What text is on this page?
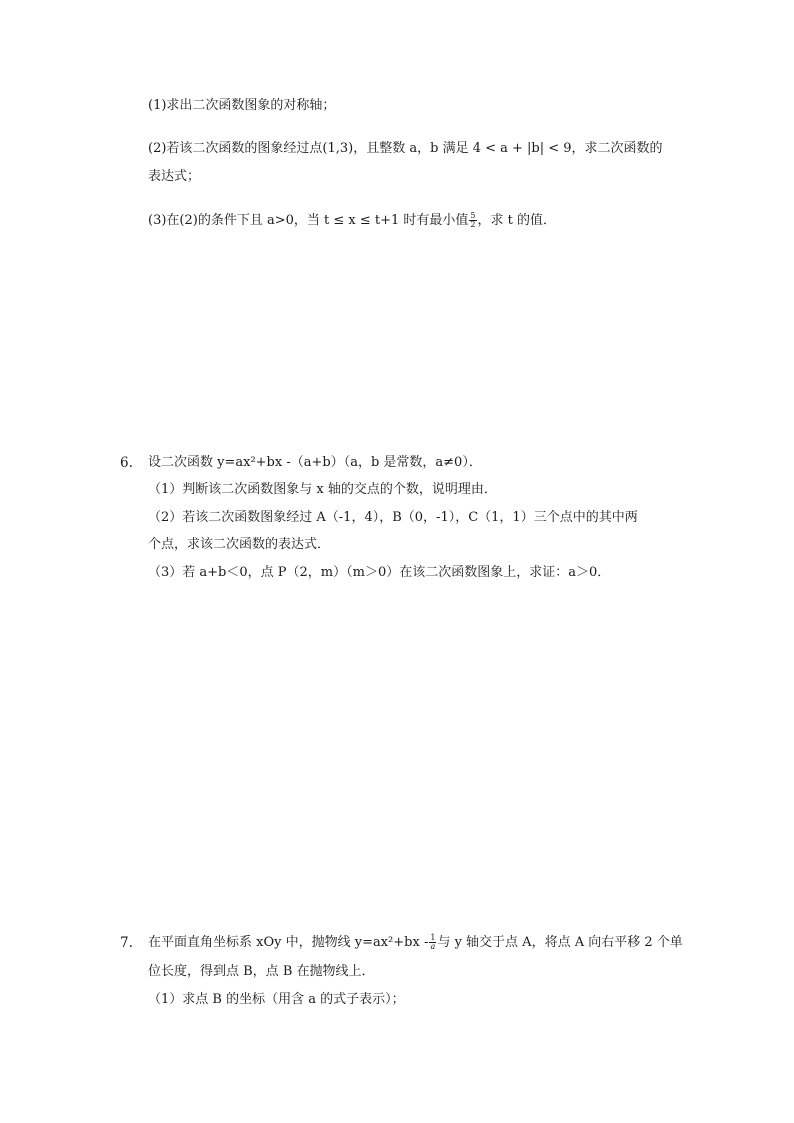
(1)求出二次函数图象的对称轴；
(2)若该二次函数的图象经过点(1,3)，且整数 a，b 满足 4 < a + |b| < 9，求二次函数的
表达式；
(3)在(2)的条件下且 a>0，当 t ≤ x ≤ t+1 时有最小值 $\frac{5}{2}$ ，求 t 的值．
6. 设二次函数 y=ax²+bx -（a+b）（a，b 是常数，a≠0）．
（1）判断该二次函数图象与 x 轴的交点的个数，说明理由．
（2）若该二次函数图象经过 A（-1，4），B（0，-1），C（1，1）三个点中的其中两
个点，求该二次函数的表达式．
（3）若 a+b＜0，点 P（2，m）（m＞0）在该二次函数图象上，求证：a＞0．
7. 在平面直角坐标系 xOy 中，抛物线 $y=ax^2+bx - \frac{1}{a}$ 与 y 轴交于点 A，将点 A 向右平移 2 个单
位长度，得到点 B，点 B 在抛物线上．
（1）求点 B 的坐标（用含 a 的式子表示）；
